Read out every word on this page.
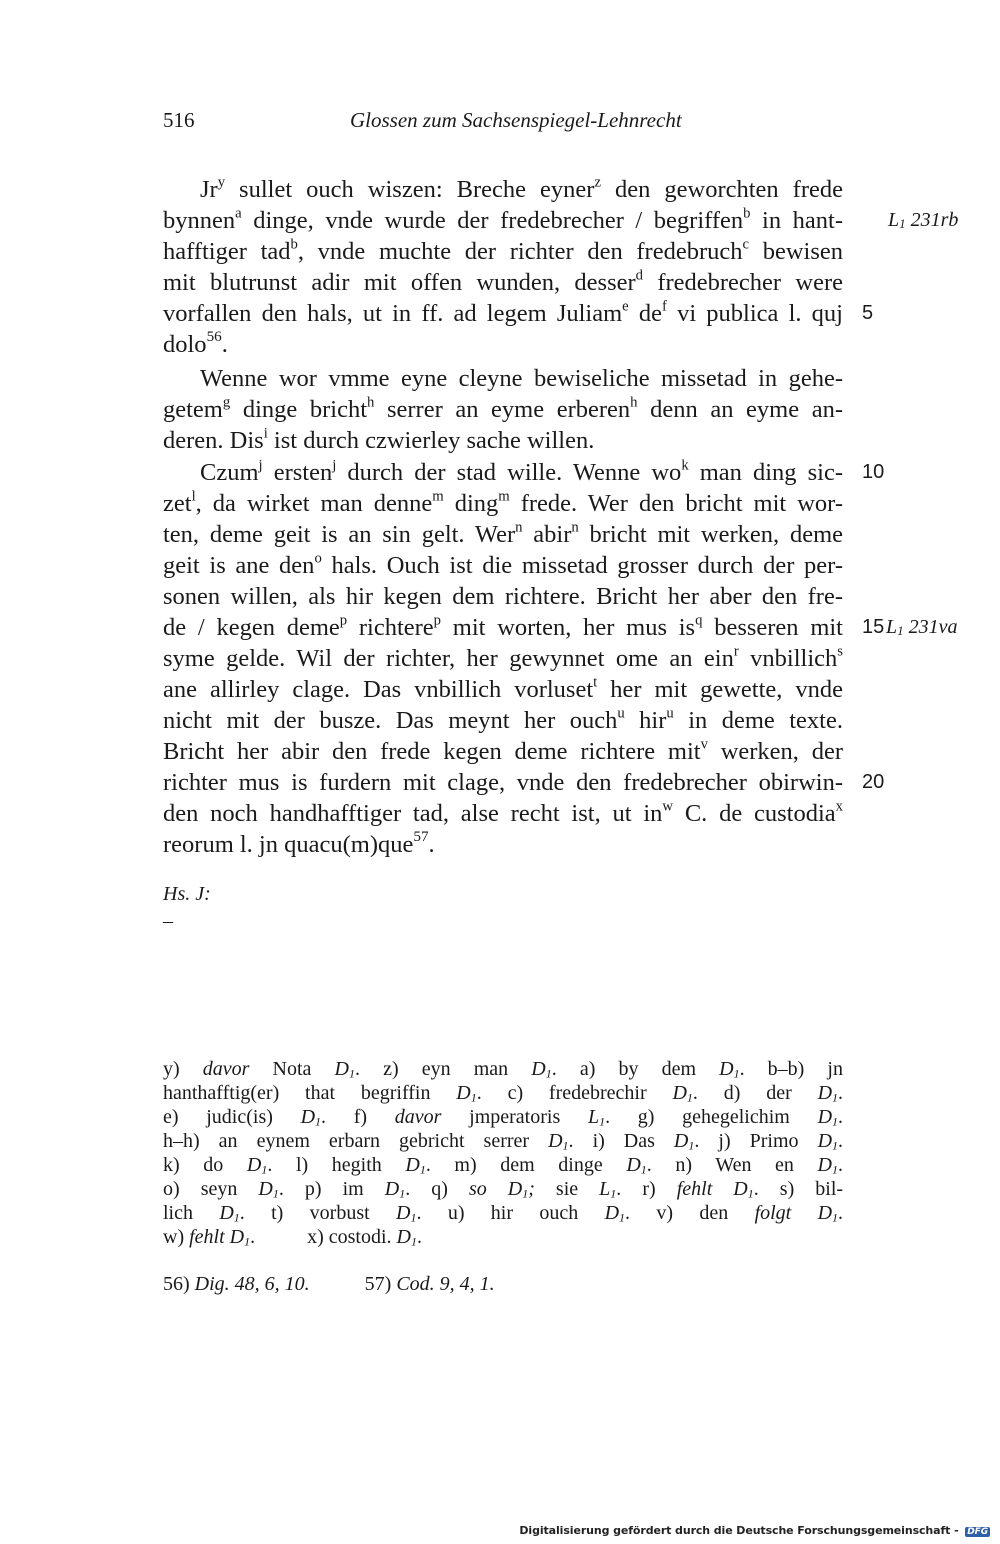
516	Glossen zum Sachsenspiegel-Lehnrecht
Jr$^y$ sullet ouch wiszen: Breche eyner$^z$ den geworchten frede
bynnen$^a$ dinge, vnde wurde der fredebrecher / begriffen$^b$ in hant-
hafftiger tad$^b$, vnde muchte der richter den fredebruch$^c$ bewisen
mit blutrunst adir mit offen wunden, desser$^d$ fredebrecher were
vorfallen den hals, ut in ff. ad legem Juliam$^e$ $de^f$ vi publica l. quj
dolo$^{56}$.
Wenne wor vmme eyne cleyne bewiseliche missetad in gehe-
getem$^g$ dinge bricht$^h$ serrer an eyme erberen$^h$ denn an eyme an-
deren. Dis$^i$ ist durch czwierley sache willen.
Czum$^j$ ersten$^j$ durch der stad wille. Wenne $wo^k$ man ding sic-
zet$^l$, da wirket man denne$^m$ ding$^m$ frede. Wer den bricht mit wor-
ten, deme geit is an sin gelt. Wer$^n$ abir$^n$ bricht mit werken, deme
geit is ane den$^o$ hals. Ouch ist die missetad grosser durch der per-
sonen willen, als hir kegen dem richtere. Bricht her aber den fre-
de / kegen deme$^p$ richtere$^p$ mit worten, her mus $is^q$ besseren mit
syme gelde. Wil der richter, her gewynnet ome an ein$^r$ vnbillich$^s$
ane allirley clage. Das vnbillich vorluset$^t$ her mit gewette, vnde
nicht mit der busze. Das meynt her ouch$^u$ hir$^u$ in deme texte.
Bricht her abir den frede kegen deme richtere mit$^v$ werken, der
richter mus is furdern mit clage, vnde den fredebrecher obirwin-
den noch handhafftiger tad, alse recht ist, ut $in^w$ C. de custodia$^x$
reorum l. jn quacu(m)que$^{57}$.
5
10
15
20
$L_1$ 231rb
$L_1$ 231va
Hs. J:
–
y) davor Nota $D_1$. z) eyn man $D_1$. a) by dem $D_1$. b–b) jn
hanthafftig(er) that begriffin $D_1$. c) fredebrechir $D_1$. d) der $D_1$.
e) judic(is) $D_1$. f) davor jmperatoris $L_1$. g) gehegelichim $D_1$.
h–h) an eynem erbarn gebricht serrer $D_1$. i) Das $D_1$. j) Primo $D_1$.
k) do $D_1$. l) hegith $D_1$. m) dem dinge $D_1$. n) Wen en $D_1$.
o) seyn $D_1$. p) im $D_1$. q) so $D_1$; sie $L_1$. r) fehlt $D_1$. s) bil-
lich $D_1$. t) vorbust $D_1$. u) hir ouch $D_1$. v) den folgt $D_1$.
w) fehlt $D_1$.	x) costodi. $D_1$.
56) Dig. 48, 6, 10.	57) Cod. 9, 4, 1.
Digitalisierung gefördert durch die Deutsche Forschungsgemeinschaft - DFG
